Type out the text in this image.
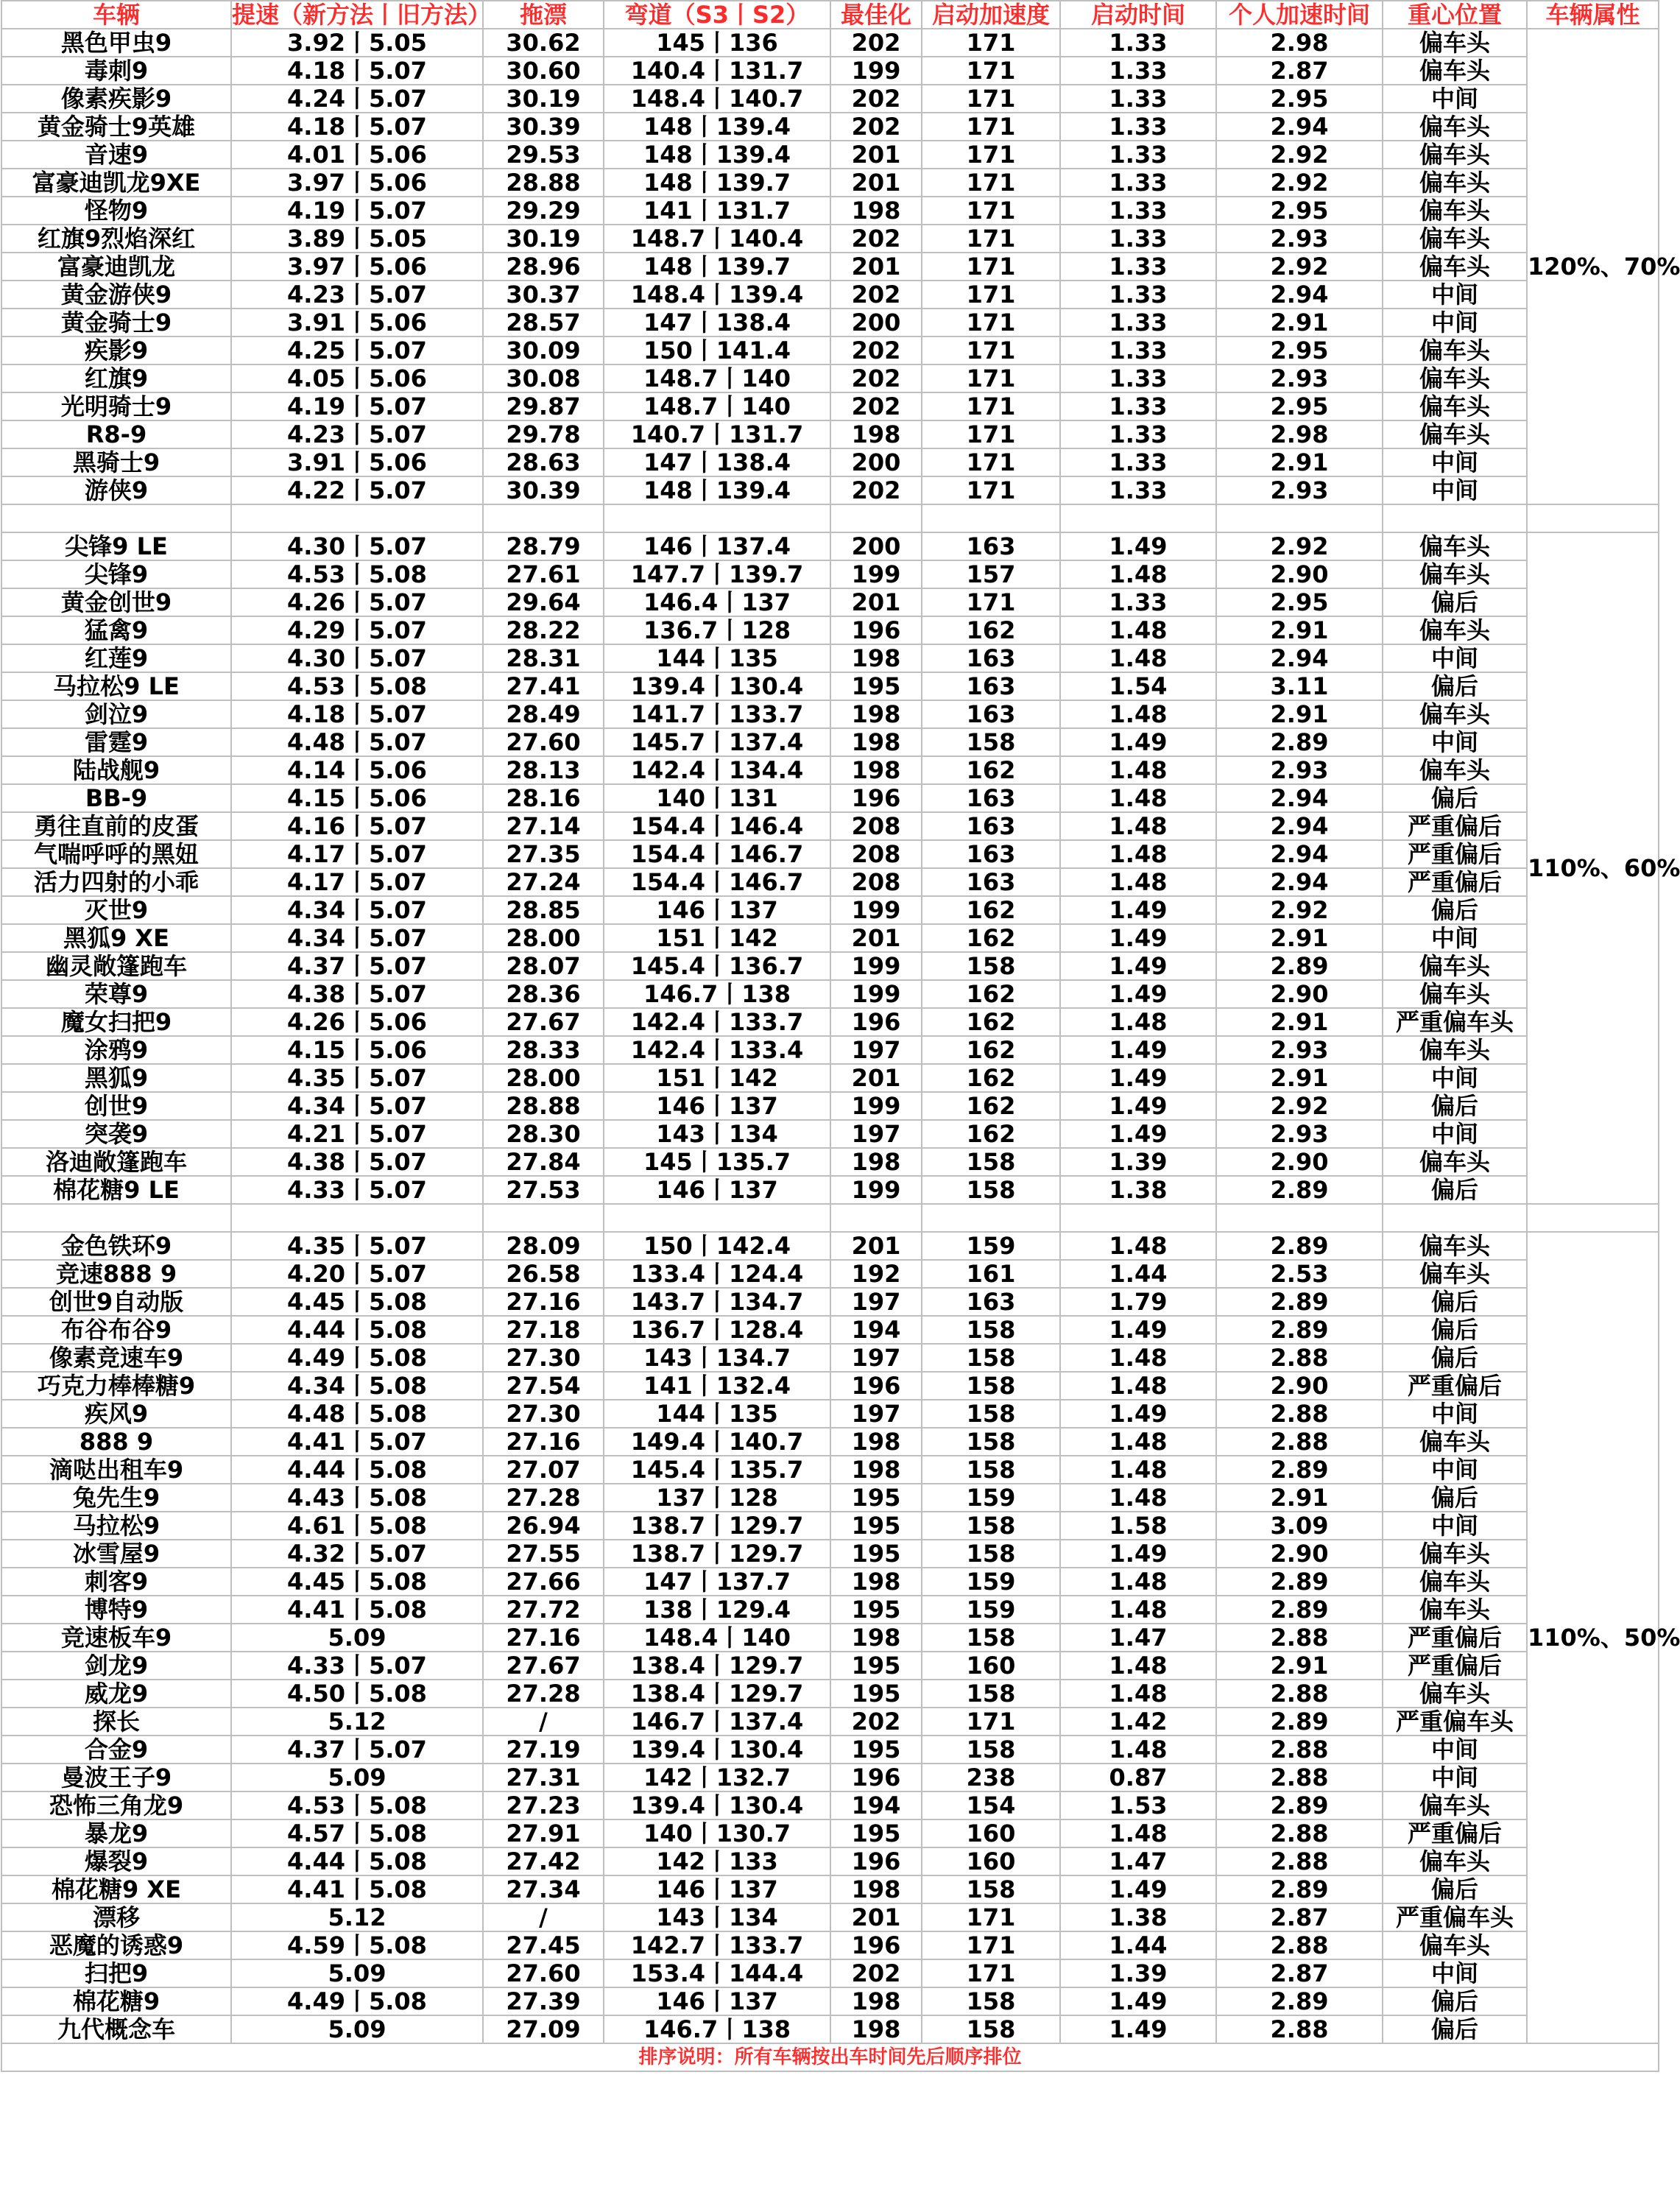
车辆	提速（新方法丨旧方法）	拖漂	弯道（S3丨S2）	最佳化	启动加速度	启动时间	个人加速时间	重心位置	车辆属性
黑色甲虫9	3.92丨5.05	30.62	145丨136	202	171	1.33	2.98	偏车头	120%、70%
毒刺9	4.18丨5.07	30.60	140.4丨131.7	199	171	1.33	2.87	偏车头	
像素疾影9	4.24丨5.07	30.19	148.4丨140.7	202	171	1.33	2.95	中间	
黄金骑士9英雄	4.18丨5.07	30.39	148丨139.4	202	171	1.33	2.94	偏车头	
音速9	4.01丨5.06	29.53	148丨139.4	201	171	1.33	2.92	偏车头	
富豪迪凯龙9XE	3.97丨5.06	28.88	148丨139.7	201	171	1.33	2.92	偏车头	
怪物9	4.19丨5.07	29.29	141丨131.7	198	171	1.33	2.95	偏车头	
红旗9烈焰深红	3.89丨5.05	30.19	148.7丨140.4	202	171	1.33	2.93	偏车头	
富豪迪凯龙	3.97丨5.06	28.96	148丨139.7	201	171	1.33	2.92	偏车头	
黄金游侠9	4.23丨5.07	30.37	148.4丨139.4	202	171	1.33	2.94	中间	
黄金骑士9	3.91丨5.06	28.57	147丨138.4	200	171	1.33	2.91	中间	
疾影9	4.25丨5.07	30.09	150丨141.4	202	171	1.33	2.95	偏车头	
红旗9	4.05丨5.06	30.08	148.7丨140	202	171	1.33	2.93	偏车头	
光明骑士9	4.19丨5.07	29.87	148.7丨140	202	171	1.33	2.95	偏车头	
R8-9	4.23丨5.07	29.78	140.7丨131.7	198	171	1.33	2.98	偏车头	
黑骑士9	3.91丨5.06	28.63	147丨138.4	200	171	1.33	2.91	中间	
游侠9	4.22丨5.07	30.39	148丨139.4	202	171	1.33	2.93	中间	

尖锋9 LE	4.30丨5.07	28.79	146丨137.4	200	163	1.49	2.92	偏车头	110%、60%
尖锋9	4.53丨5.08	27.61	147.7丨139.7	199	157	1.48	2.90	偏车头	
黄金创世9	4.26丨5.07	29.64	146.4丨137	201	171	1.33	2.95	偏后	
猛禽9	4.29丨5.07	28.22	136.7丨128	196	162	1.48	2.91	偏车头	
红莲9	4.30丨5.07	28.31	144丨135	198	163	1.48	2.94	中间	
马拉松9 LE	4.53丨5.08	27.41	139.4丨130.4	195	163	1.54	3.11	偏后	
剑泣9	4.18丨5.07	28.49	141.7丨133.7	198	163	1.48	2.91	偏车头	
雷霆9	4.48丨5.07	27.60	145.7丨137.4	198	158	1.49	2.89	中间	
陆战舰9	4.14丨5.06	28.13	142.4丨134.4	198	162	1.48	2.93	偏车头	
BB-9	4.15丨5.06	28.16	140丨131	196	163	1.48	2.94	偏后	
勇往直前的皮蛋	4.16丨5.07	27.14	154.4丨146.4	208	163	1.48	2.94	严重偏后	
气喘呼呼的黑妞	4.17丨5.07	27.35	154.4丨146.7	208	163	1.48	2.94	严重偏后	
活力四射的小乖	4.17丨5.07	27.24	154.4丨146.7	208	163	1.48	2.94	严重偏后	
灭世9	4.34丨5.07	28.85	146丨137	199	162	1.49	2.92	偏后	
黑狐9 XE	4.34丨5.07	28.00	151丨142	201	162	1.49	2.91	中间	
幽灵敞篷跑车	4.37丨5.07	28.07	145.4丨136.7	199	158	1.49	2.89	偏车头	
荣尊9	4.38丨5.07	28.36	146.7丨138	199	162	1.49	2.90	偏车头	
魔女扫把9	4.26丨5.06	27.67	142.4丨133.7	196	162	1.48	2.91	严重偏车头	
涂鸦9	4.15丨5.06	28.33	142.4丨133.4	197	162	1.49	2.93	偏车头	
黑狐9	4.35丨5.07	28.00	151丨142	201	162	1.49	2.91	中间	
创世9	4.34丨5.07	28.88	146丨137	199	162	1.49	2.92	偏后	
突袭9	4.21丨5.07	28.30	143丨134	197	162	1.49	2.93	中间	
洛迪敞篷跑车	4.38丨5.07	27.84	145丨135.7	198	158	1.39	2.90	偏车头	
棉花糖9 LE	4.33丨5.07	27.53	146丨137	199	158	1.38	2.89	偏后	

金色铁环9	4.35丨5.07	28.09	150丨142.4	201	159	1.48	2.89	偏车头	110%、50%
竞速888 9	4.20丨5.07	26.58	133.4丨124.4	192	161	1.44	2.53	偏车头	
创世9自动版	4.45丨5.08	27.16	143.7丨134.7	197	163	1.79	2.89	偏后	
布谷布谷9	4.44丨5.08	27.18	136.7丨128.4	194	158	1.49	2.89	偏后	
像素竞速车9	4.49丨5.08	27.30	143丨134.7	197	158	1.48	2.88	偏后	
巧克力棒棒糖9	4.34丨5.08	27.54	141丨132.4	196	158	1.48	2.90	严重偏后	
疾风9	4.48丨5.08	27.30	144丨135	197	158	1.49	2.88	中间	
888 9	4.41丨5.07	27.16	149.4丨140.7	198	158	1.48	2.88	偏车头	
滴哒出租车9	4.44丨5.08	27.07	145.4丨135.7	198	158	1.48	2.89	中间	
兔先生9	4.43丨5.08	27.28	137丨128	195	159	1.48	2.91	偏后	
马拉松9	4.61丨5.08	26.94	138.7丨129.7	195	158	1.58	3.09	中间	
冰雪屋9	4.32丨5.07	27.55	138.7丨129.7	195	158	1.49	2.90	偏车头	
刺客9	4.45丨5.08	27.66	147丨137.7	198	159	1.48	2.89	偏车头	
博特9	4.41丨5.08	27.72	138丨129.4	195	159	1.48	2.89	偏车头	
竞速板车9	5.09	27.16	148.4丨140	198	158	1.47	2.88	严重偏后	
剑龙9	4.33丨5.07	27.67	138.4丨129.7	195	160	1.48	2.91	严重偏后	
威龙9	4.50丨5.08	27.28	138.4丨129.7	195	158	1.48	2.88	偏车头	
探长	5.12	/	146.7丨137.4	202	171	1.42	2.89	严重偏车头	
合金9	4.37丨5.07	27.19	139.4丨130.4	195	158	1.48	2.88	中间	
曼波王子9	5.09	27.31	142丨132.7	196	238	0.87	2.88	中间	
恐怖三角龙9	4.53丨5.08	27.23	139.4丨130.4	194	154	1.53	2.89	偏车头	
暴龙9	4.57丨5.08	27.91	140丨130.7	195	160	1.48	2.88	严重偏后	
爆裂9	4.44丨5.08	27.42	142丨133	196	160	1.47	2.88	偏车头	
棉花糖9 XE	4.41丨5.08	27.34	146丨137	198	158	1.49	2.89	偏后	
漂移	5.12	/	143丨134	201	171	1.38	2.87	严重偏车头	
恶魔的诱惑9	4.59丨5.08	27.45	142.7丨133.7	196	171	1.44	2.88	偏车头	
扫把9	5.09	27.60	153.4丨144.4	202	171	1.39	2.87	中间	
棉花糖9	4.49丨5.08	27.39	146丨137	198	158	1.49	2.89	偏后	
九代概念车	5.09	27.09	146.7丨138	198	158	1.49	2.88	偏后	
排序说明：所有车辆按出车时间先后顺序排位									
